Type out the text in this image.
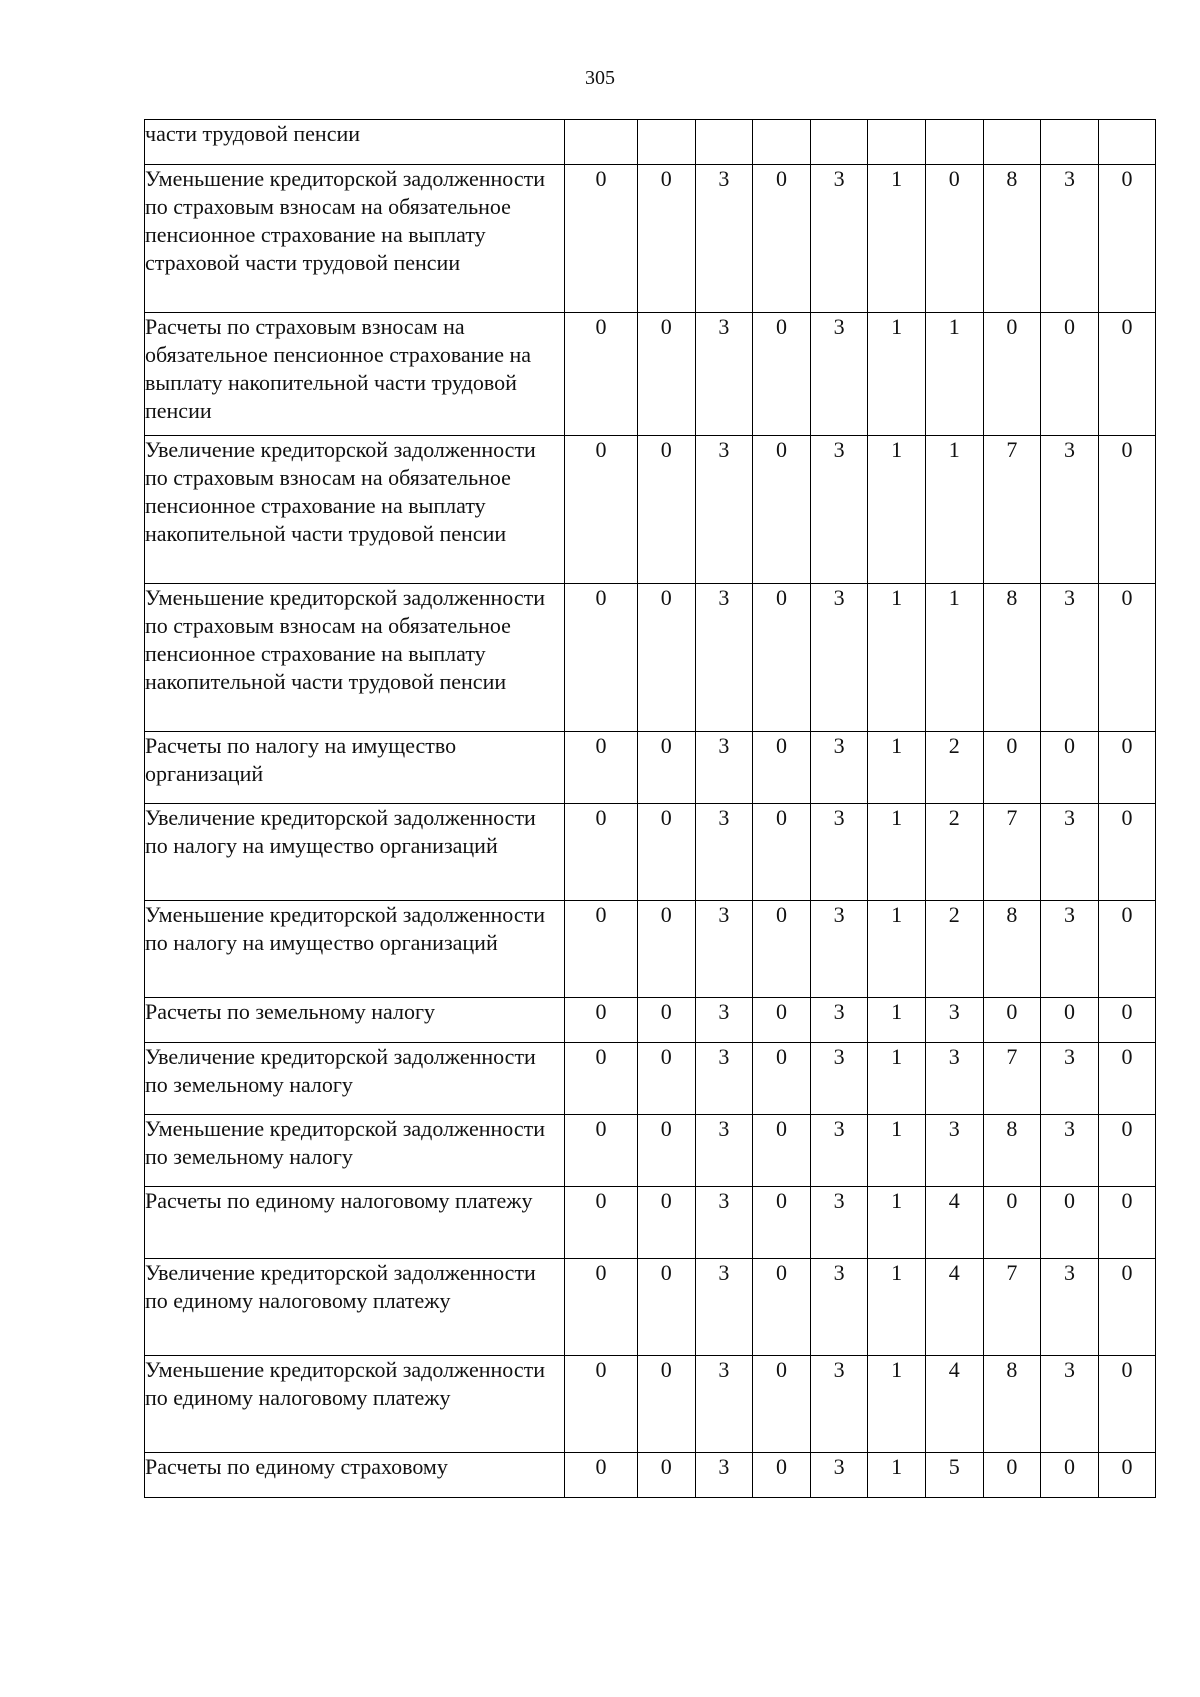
305
части трудовой пенсии										
Уменьшение кредиторской задолженности по страховым взносам на обязательное пенсионное страхование на выплату страховой части трудовой пенсии	0	0	3	0	3	1	0	8	3	0
Расчеты по страховым взносам на обязательное пенсионное страхование на выплату накопительной части трудовой пенсии	0	0	3	0	3	1	1	0	0	0
Увеличение кредиторской задолженности по страховым взносам на обязательное пенсионное страхование на выплату накопительной части трудовой пенсии	0	0	3	0	3	1	1	7	3	0
Уменьшение кредиторской задолженности по страховым взносам на обязательное пенсионное страхование на выплату накопительной части трудовой пенсии	0	0	3	0	3	1	1	8	3	0
Расчеты по налогу на имущество организаций	0	0	3	0	3	1	2	0	0	0
Увеличение кредиторской задолженности по налогу на имущество организаций	0	0	3	0	3	1	2	7	3	0
Уменьшение кредиторской задолженности по налогу на имущество организаций	0	0	3	0	3	1	2	8	3	0
Расчеты по земельному налогу	0	0	3	0	3	1	3	0	0	0
Увеличение кредиторской задолженности по земельному налогу	0	0	3	0	3	1	3	7	3	0
Уменьшение кредиторской задолженности по земельному налогу	0	0	3	0	3	1	3	8	3	0
Расчеты по единому налоговому платежу	0	0	3	0	3	1	4	0	0	0
Увеличение кредиторской задолженности по единому налоговому платежу	0	0	3	0	3	1	4	7	3	0
Уменьшение кредиторской задолженности по единому налоговому платежу	0	0	3	0	3	1	4	8	3	0
Расчеты по единому страховому	0	0	3	0	3	1	5	0	0	0
